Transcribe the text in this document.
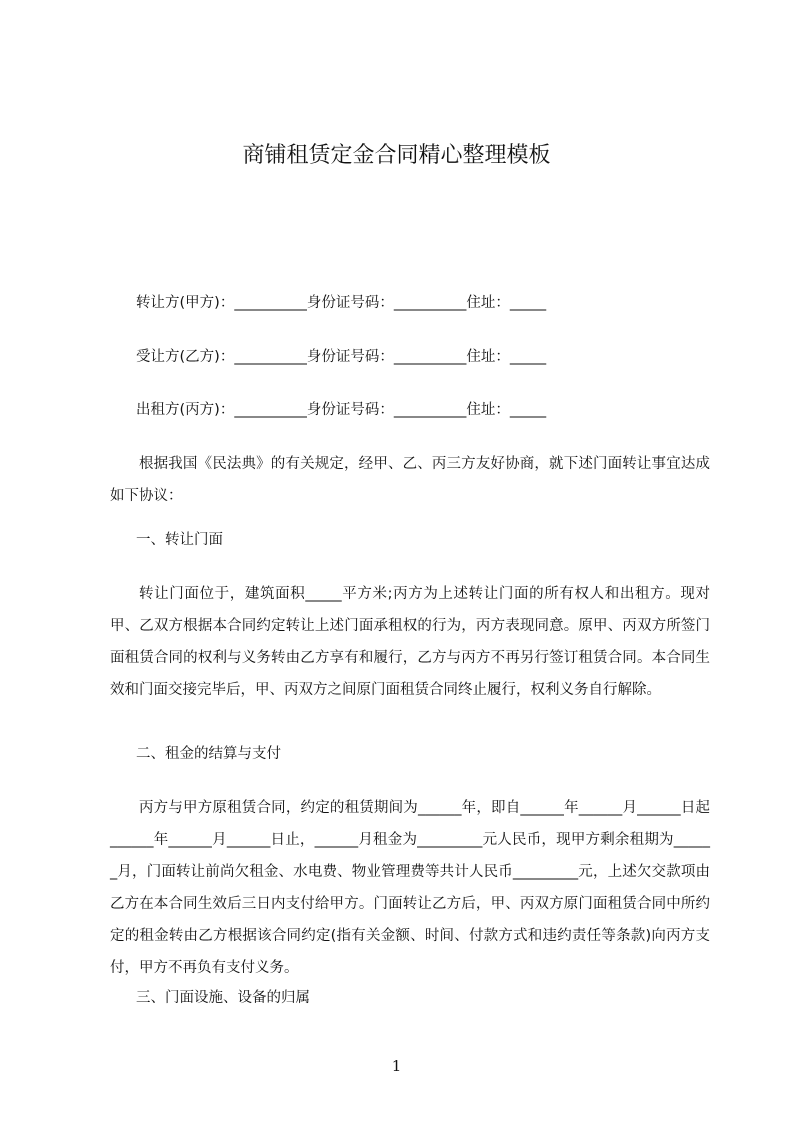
商铺租赁定金合同精心整理模板
转让方(甲方)：__________身份证号码：__________住址：_____
受让方(乙方)：__________身份证号码：__________住址：_____
出租方(丙方)：__________身份证号码：__________住址：_____
根据我国《民法典》的有关规定，经甲、乙、丙三方友好协商，就下述门面转让事宜达成如下协议：
一、转让门面
转让门面位于，建筑面积_____平方米;丙方为上述转让门面的所有权人和出租方。现对甲、乙双方根据本合同约定转让上述门面承租权的行为，丙方表现同意。原甲、丙双方所签门面租赁合同的权利与义务转由乙方享有和履行，乙方与丙方不再另行签订租赁合同。本合同生效和门面交接完毕后，甲、丙双方之间原门面租赁合同终止履行，权利义务自行解除。
二、租金的结算与支付
丙方与甲方原租赁合同，约定的租赁期间为______年，即自______年______月______日起______年______月______日止，______月租金为_________元人民币，现甲方剩余租期为______月，门面转让前尚欠租金、水电费、物业管理费等共计人民币_________元，上述欠交款项由乙方在本合同生效后三日内支付给甲方。门面转让乙方后，甲、丙双方原门面租赁合同中所约定的租金转由乙方根据该合同约定(指有关金额、时间、付款方式和违约责任等条款)向丙方支付，甲方不再负有支付义务。
三、门面设施、设备的归属
1
